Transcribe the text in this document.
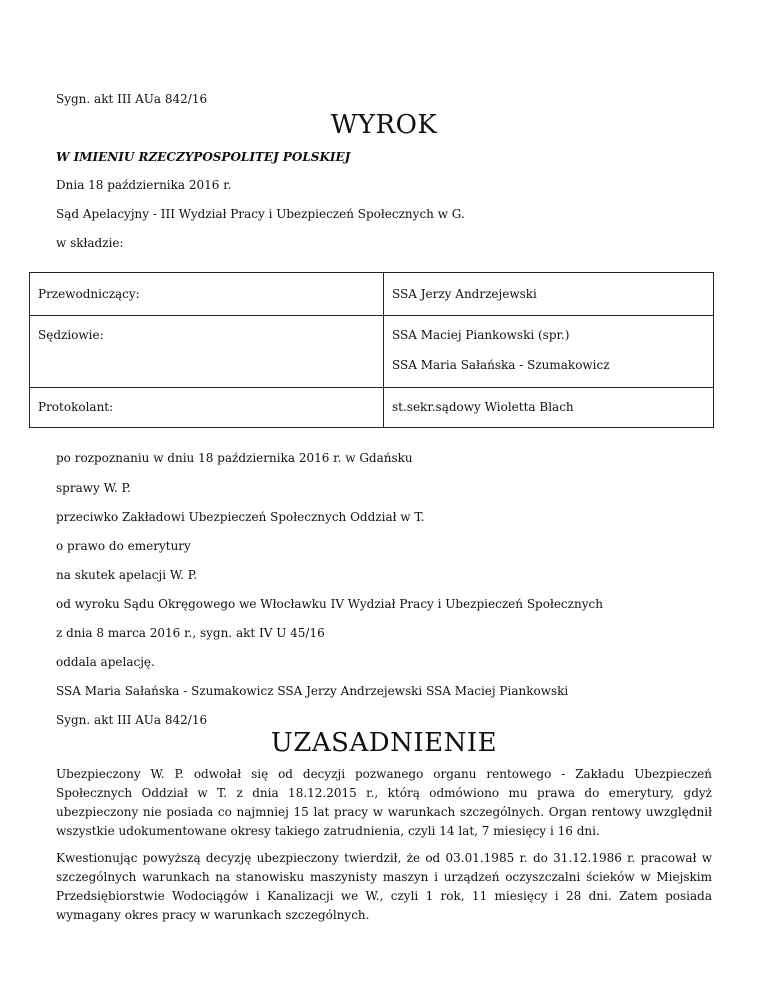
Sygn. akt III AUa 842/16
WYROK
W IMIENIU RZECZYPOSPOLITEJ POLSKIEJ
Dnia 18 października 2016 r.
Sąd Apelacyjny - III Wydział Pracy i Ubezpieczeń Społecznych w G.
w składzie:
Przewodniczący:	SSA Jerzy Andrzejewski

Sędziowie:	SSA Maciej Piankowski (spr.)
SSA Maria Sałańska - Szumakowicz

Protokolant:	st.sekr.sądowy Wioletta Blach
po rozpoznaniu w dniu 18 października 2016 r. w Gdańsku
sprawy W. P.
przeciwko Zakładowi Ubezpieczeń Społecznych Oddział w T.
o prawo do emerytury
na skutek apelacji W. P.
od wyroku Sądu Okręgowego we Włocławku IV Wydział Pracy i Ubezpieczeń Społecznych
z dnia 8 marca 2016 r., sygn. akt IV U 45/16
oddala apelację.
SSA Maria Sałańska - Szumakowicz SSA Jerzy Andrzejewski SSA Maciej Piankowski
Sygn. akt III AUa 842/16
UZASADNIENIE
Ubezpieczony W. P. odwołał się od decyzji pozwanego organu rentowego - Zakładu Ubezpieczeń Społecznych Oddział w T. z dnia 18.12.2015 r., którą odmówiono mu prawa do emerytury, gdyż ubezpieczony nie posiada co najmniej 15 lat pracy w warunkach szczególnych. Organ rentowy uwzględnił wszystkie udokumentowane okresy takiego zatrudnienia, czyli 14 lat, 7 miesięcy i 16 dni.
Kwestionując powyższą decyzję ubezpieczony twierdził, że od 03.01.1985 r. do 31.12.1986 r. pracował w szczególnych warunkach na stanowisku maszynisty maszyn i urządzeń oczyszczalni ścieków w Miejskim Przedsiębiorstwie Wodociągów i Kanalizacji we W., czyli 1 rok, 11 miesięcy i 28 dni. Zatem posiada wymagany okres pracy w warunkach szczególnych.
